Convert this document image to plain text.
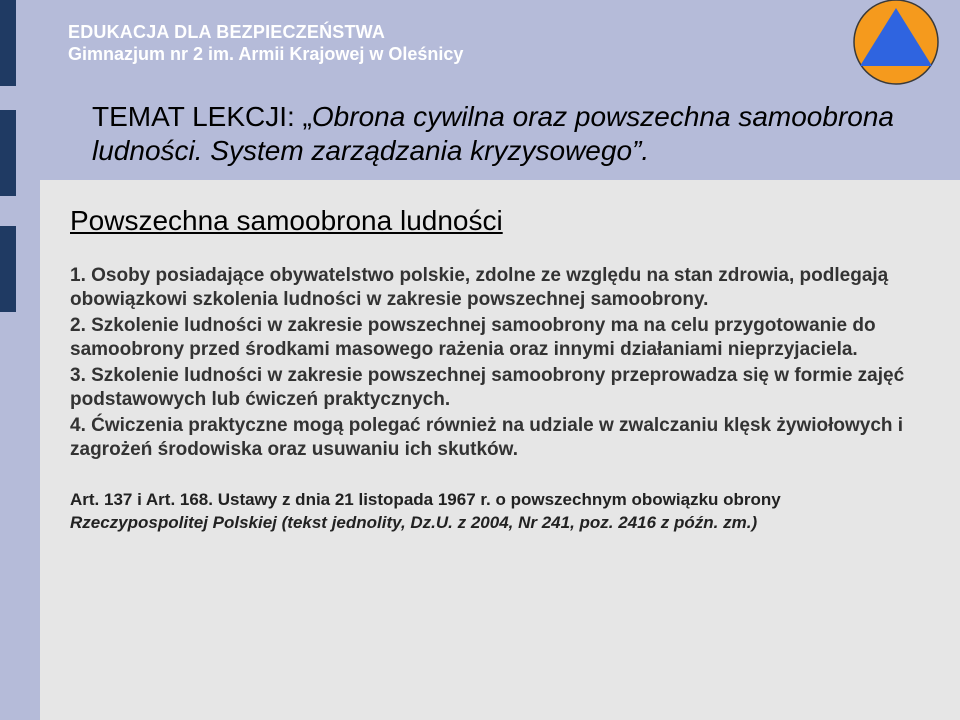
EDUKACJA DLA BEZPIECZEŃSTWA
Gimnazjum nr 2 im. Armii Krajowej w Oleśnicy
TEMAT LEKCJI: „Obrona cywilna oraz powszechna samoobrona ludności. System zarządzania kryzysowego”.
Powszechna samoobrona ludności

1. Osoby posiadające obywatelstwo polskie, zdolne ze względu na stan zdrowia, podlegają obowiązkowi szkolenia ludności w zakresie powszechnej samoobrony.

2. Szkolenie ludności w zakresie powszechnej samoobrony ma na celu przygotowanie do samoobrony przed środkami masowego rażenia oraz innymi działaniami nieprzyjaciela.

3. Szkolenie ludności w zakresie powszechnej samoobrony przeprowadza się w formie zajęć podstawowych lub ćwiczeń praktycznych.

4. Ćwiczenia praktyczne mogą polegać również na udziale w zwalczaniu klęsk żywiołowych i zagrożeń środowiska oraz usuwaniu ich skutków.

Art. 137 i Art. 168. Ustawy z dnia 21 listopada 1967 r. o powszechnym obowiązku obrony
Rzeczypospolitej Polskiej (tekst jednolity, Dz.U. z 2004, Nr 241, poz. 2416 z późn. zm.)
